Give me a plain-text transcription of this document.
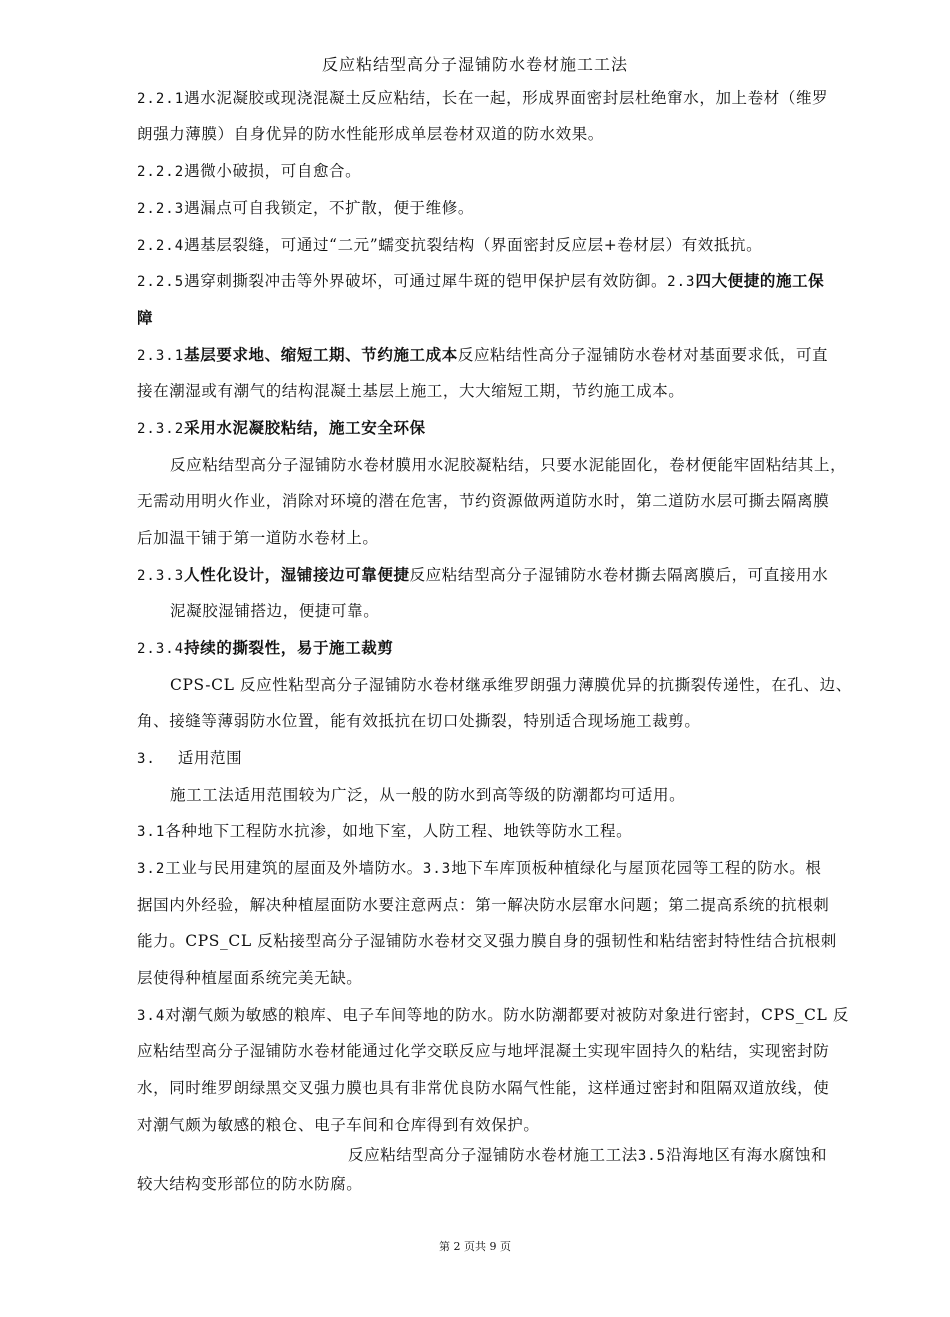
反应粘结型高分子湿铺防水卷材施工工法
2.2.1遇水泥凝胶或现浇混凝土反应粘结，长在一起，形成界面密封层杜绝窜水，加上卷材（维罗
朗强力薄膜）自身优异的防水性能形成单层卷材双道的防水效果。
2.2.2遇微小破损，可自愈合。
2.2.3遇漏点可自我锁定，不扩散，便于维修。
2.2.4遇基层裂缝，可通过“二元”蠕变抗裂结构（界面密封反应层+卷材层）有效抵抗。
2.2.5遇穿刺撕裂冲击等外界破坏，可通过犀牛斑的铠甲保护层有效防御。2.3四大便捷的施工保
障
2.3.1基层要求地、缩短工期、节约施工成本反应粘结性高分子湿铺防水卷材对基面要求低，可直
接在潮湿或有潮气的结构混凝土基层上施工，大大缩短工期，节约施工成本。
2.3.2采用水泥凝胶粘结，施工安全环保
反应粘结型高分子湿铺防水卷材膜用水泥胶凝粘结，只要水泥能固化，卷材便能牢固粘结其上，
无需动用明火作业，消除对环境的潜在危害，节约资源做两道防水时，第二道防水层可撕去隔离膜
后加温干铺于第一道防水卷材上。
2.3.3人性化设计，湿铺接边可靠便捷反应粘结型高分子湿铺防水卷材撕去隔离膜后，可直接用水
泥凝胶湿铺搭边，便捷可靠。
2.3.4持续的撕裂性，易于施工裁剪
CPS-CL 反应性粘型高分子湿铺防水卷材继承维罗朗强力薄膜优异的抗撕裂传递性，在孔、边、
角、接缝等薄弱防水位置，能有效抵抗在切口处撕裂，特别适合现场施工裁剪。
3. 适用范围
施工工法适用范围较为广泛，从一般的防水到高等级的防潮都均可适用。
3.1各种地下工程防水抗渗，如地下室，人防工程、地铁等防水工程。
3.2工业与民用建筑的屋面及外墙防水。3.3地下车库顶板种植绿化与屋顶花园等工程的防水。根
据国内外经验，解决种植屋面防水要注意两点：第一解决防水层窜水问题；第二提高系统的抗根刺
能力。CPS_CL 反粘接型高分子湿铺防水卷材交叉强力膜自身的强韧性和粘结密封特性结合抗根刺
层使得种植屋面系统完美无缺。
3.4对潮气颇为敏感的粮库、电子车间等地的防水。防水防潮都要对被防对象进行密封，CPS_CL 反
应粘结型高分子湿铺防水卷材能通过化学交联反应与地坪混凝土实现牢固持久的粘结，实现密封防
水，同时维罗朗绿黑交叉强力膜也具有非常优良防水隔气性能，这样通过密封和阻隔双道放线，使
对潮气颇为敏感的粮仓、电子车间和仓库得到有效保护。
反应粘结型高分子湿铺防水卷材施工工法3.5沿海地区有海水腐蚀和
较大结构变形部位的防水防腐。
第 2 页共 9 页
